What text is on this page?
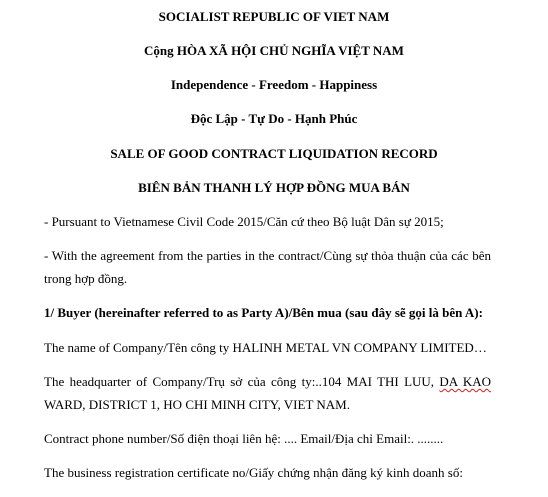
SOCIALIST REPUBLIC OF VIET NAM
Cộng HÒA XÃ HỘI CHỦ NGHĨA VIỆT NAM
Independence - Freedom - Happiness
Độc Lập - Tự Do - Hạnh Phúc
SALE OF GOOD CONTRACT LIQUIDATION RECORD
BIÊN BẢN THANH LÝ HỢP ĐỒNG MUA BÁN
- Pursuant to Vietnamese Civil Code 2015/Căn cứ theo Bộ luật Dân sự 2015;
- With the agreement from the parties in the contract/Cùng sự thỏa thuận của các bên trong hợp đồng.
1/ Buyer (hereinafter referred to as Party A)/Bên mua (sau đây sẽ gọi là bên A):
The name of Company/Tên công ty HALINH METAL VN COMPANY LIMITED…
The headquarter of Company/Trụ sở của công ty:..104 MAI THI LUU, DA KAO WARD, DISTRICT 1, HO CHI MINH CITY, VIET NAM.
Contract phone number/Số điện thoại liên hệ: .... Email/Địa chỉ Email:. ........
The business registration certificate no/Giấy chứng nhận đăng ký kinh doanh số:
